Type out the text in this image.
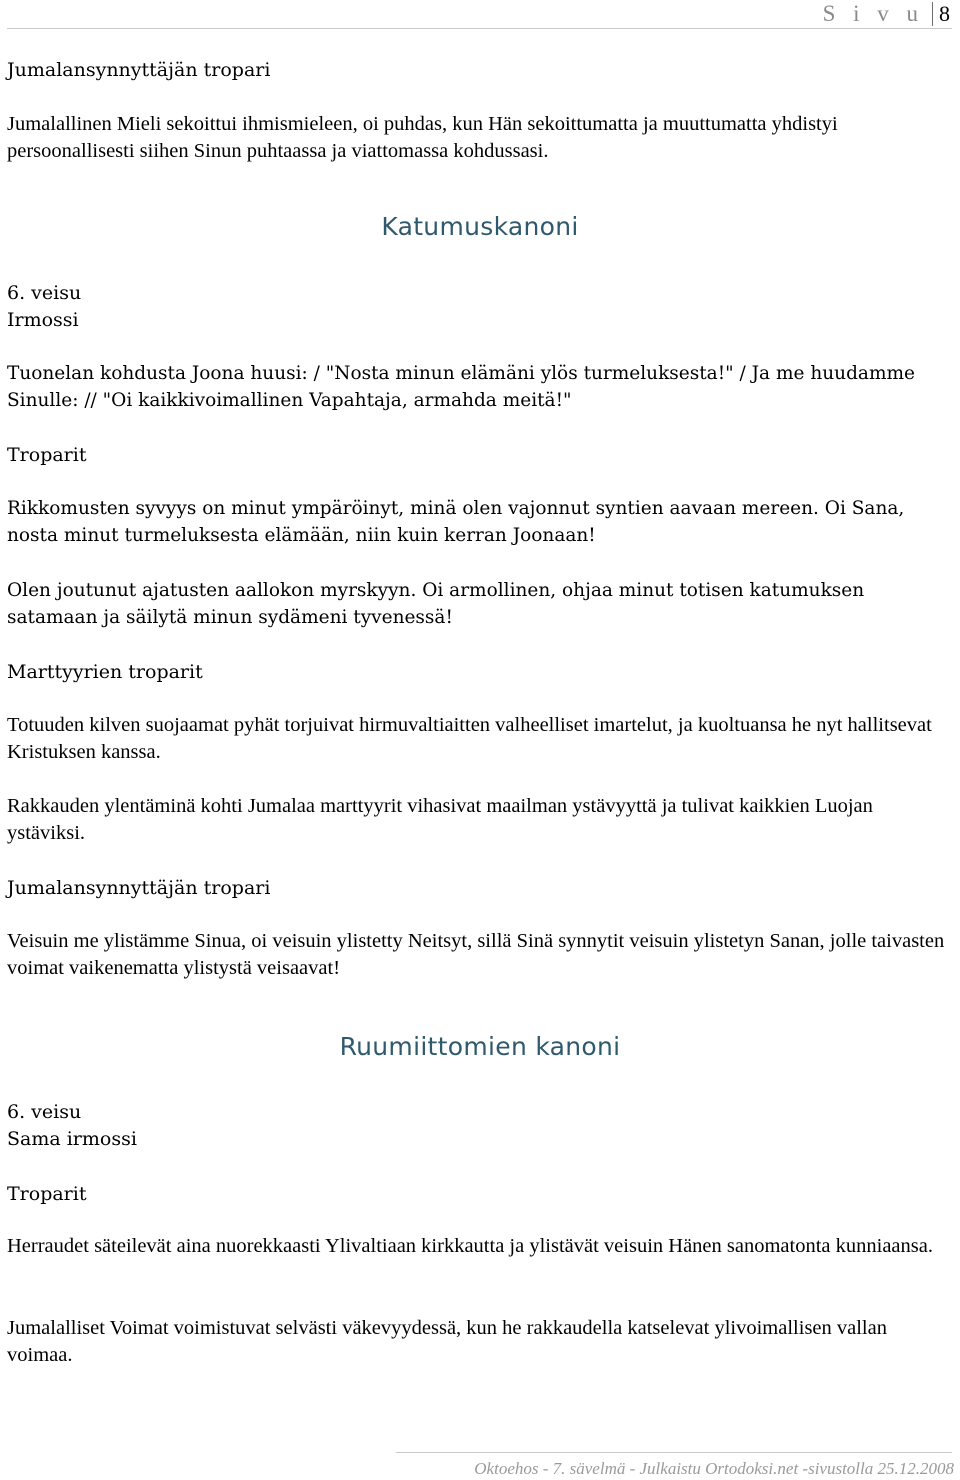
S i v u 8
Jumalansynnyttäjän tropari
Jumalallinen Mieli sekoittui ihmismieleen, oi puhdas, kun Hän sekoittumatta ja muuttumatta yhdistyi persoonallisesti siihen Sinun puhtaassa ja viattomassa kohdussasi.
Katumuskanoni
6. veisu
Irmossi
Tuonelan kohdusta Joona huusi: / "Nosta minun elämäni ylös turmeluksesta!" / Ja me huudamme Sinulle: // "Oi kaikkivoimallinen Vapahtaja, armahda meitä!"
Troparit
Rikkomusten syvyys on minut ympäröinyt, minä olen vajonnut syntien aavaan mereen. Oi Sana, nosta minut turmeluksesta elämään, niin kuin kerran Joonaan!
Olen joutunut ajatusten aallokon myrskyyn. Oi armollinen, ohjaa minut totisen katumuksen satamaan ja säilytä minun sydämeni tyvenessä!
Marttyyrien troparit
Totuuden kilven suojaamat pyhät torjuivat hirmuvaltiaitten valheelliset imartelut, ja kuoltuansa he nyt hallitsevat Kristuksen kanssa.
Rakkauden ylentäminä kohti Jumalaa marttyyrit vihasivat maailman ystävyyttä ja tulivat kaikkien Luojan ystäviksi.
Jumalansynnyttäjän tropari
Veisuin me ylistämme Sinua, oi veisuin ylistetty Neitsyt, sillä Sinä synnytit veisuin ylistetyn Sanan, jolle taivasten voimat vaikenematta ylistystä veisaavat!
Ruumiittomien kanoni
6. veisu
Sama irmossi
Troparit
Herraudet säteilevät aina nuorekkaasti Ylivaltiaan kirkkautta ja ylistävät veisuin Hänen sanomatonta kunniaansa.
Jumalalliset Voimat voimistuvat selvästi väkevyydessä, kun he rakkaudella katselevat ylivoimallisen vallan voimaa.
Oktoehos - 7. sävelmä - Julkaistu Ortodoksi.net -sivustolla 25.12.2008
